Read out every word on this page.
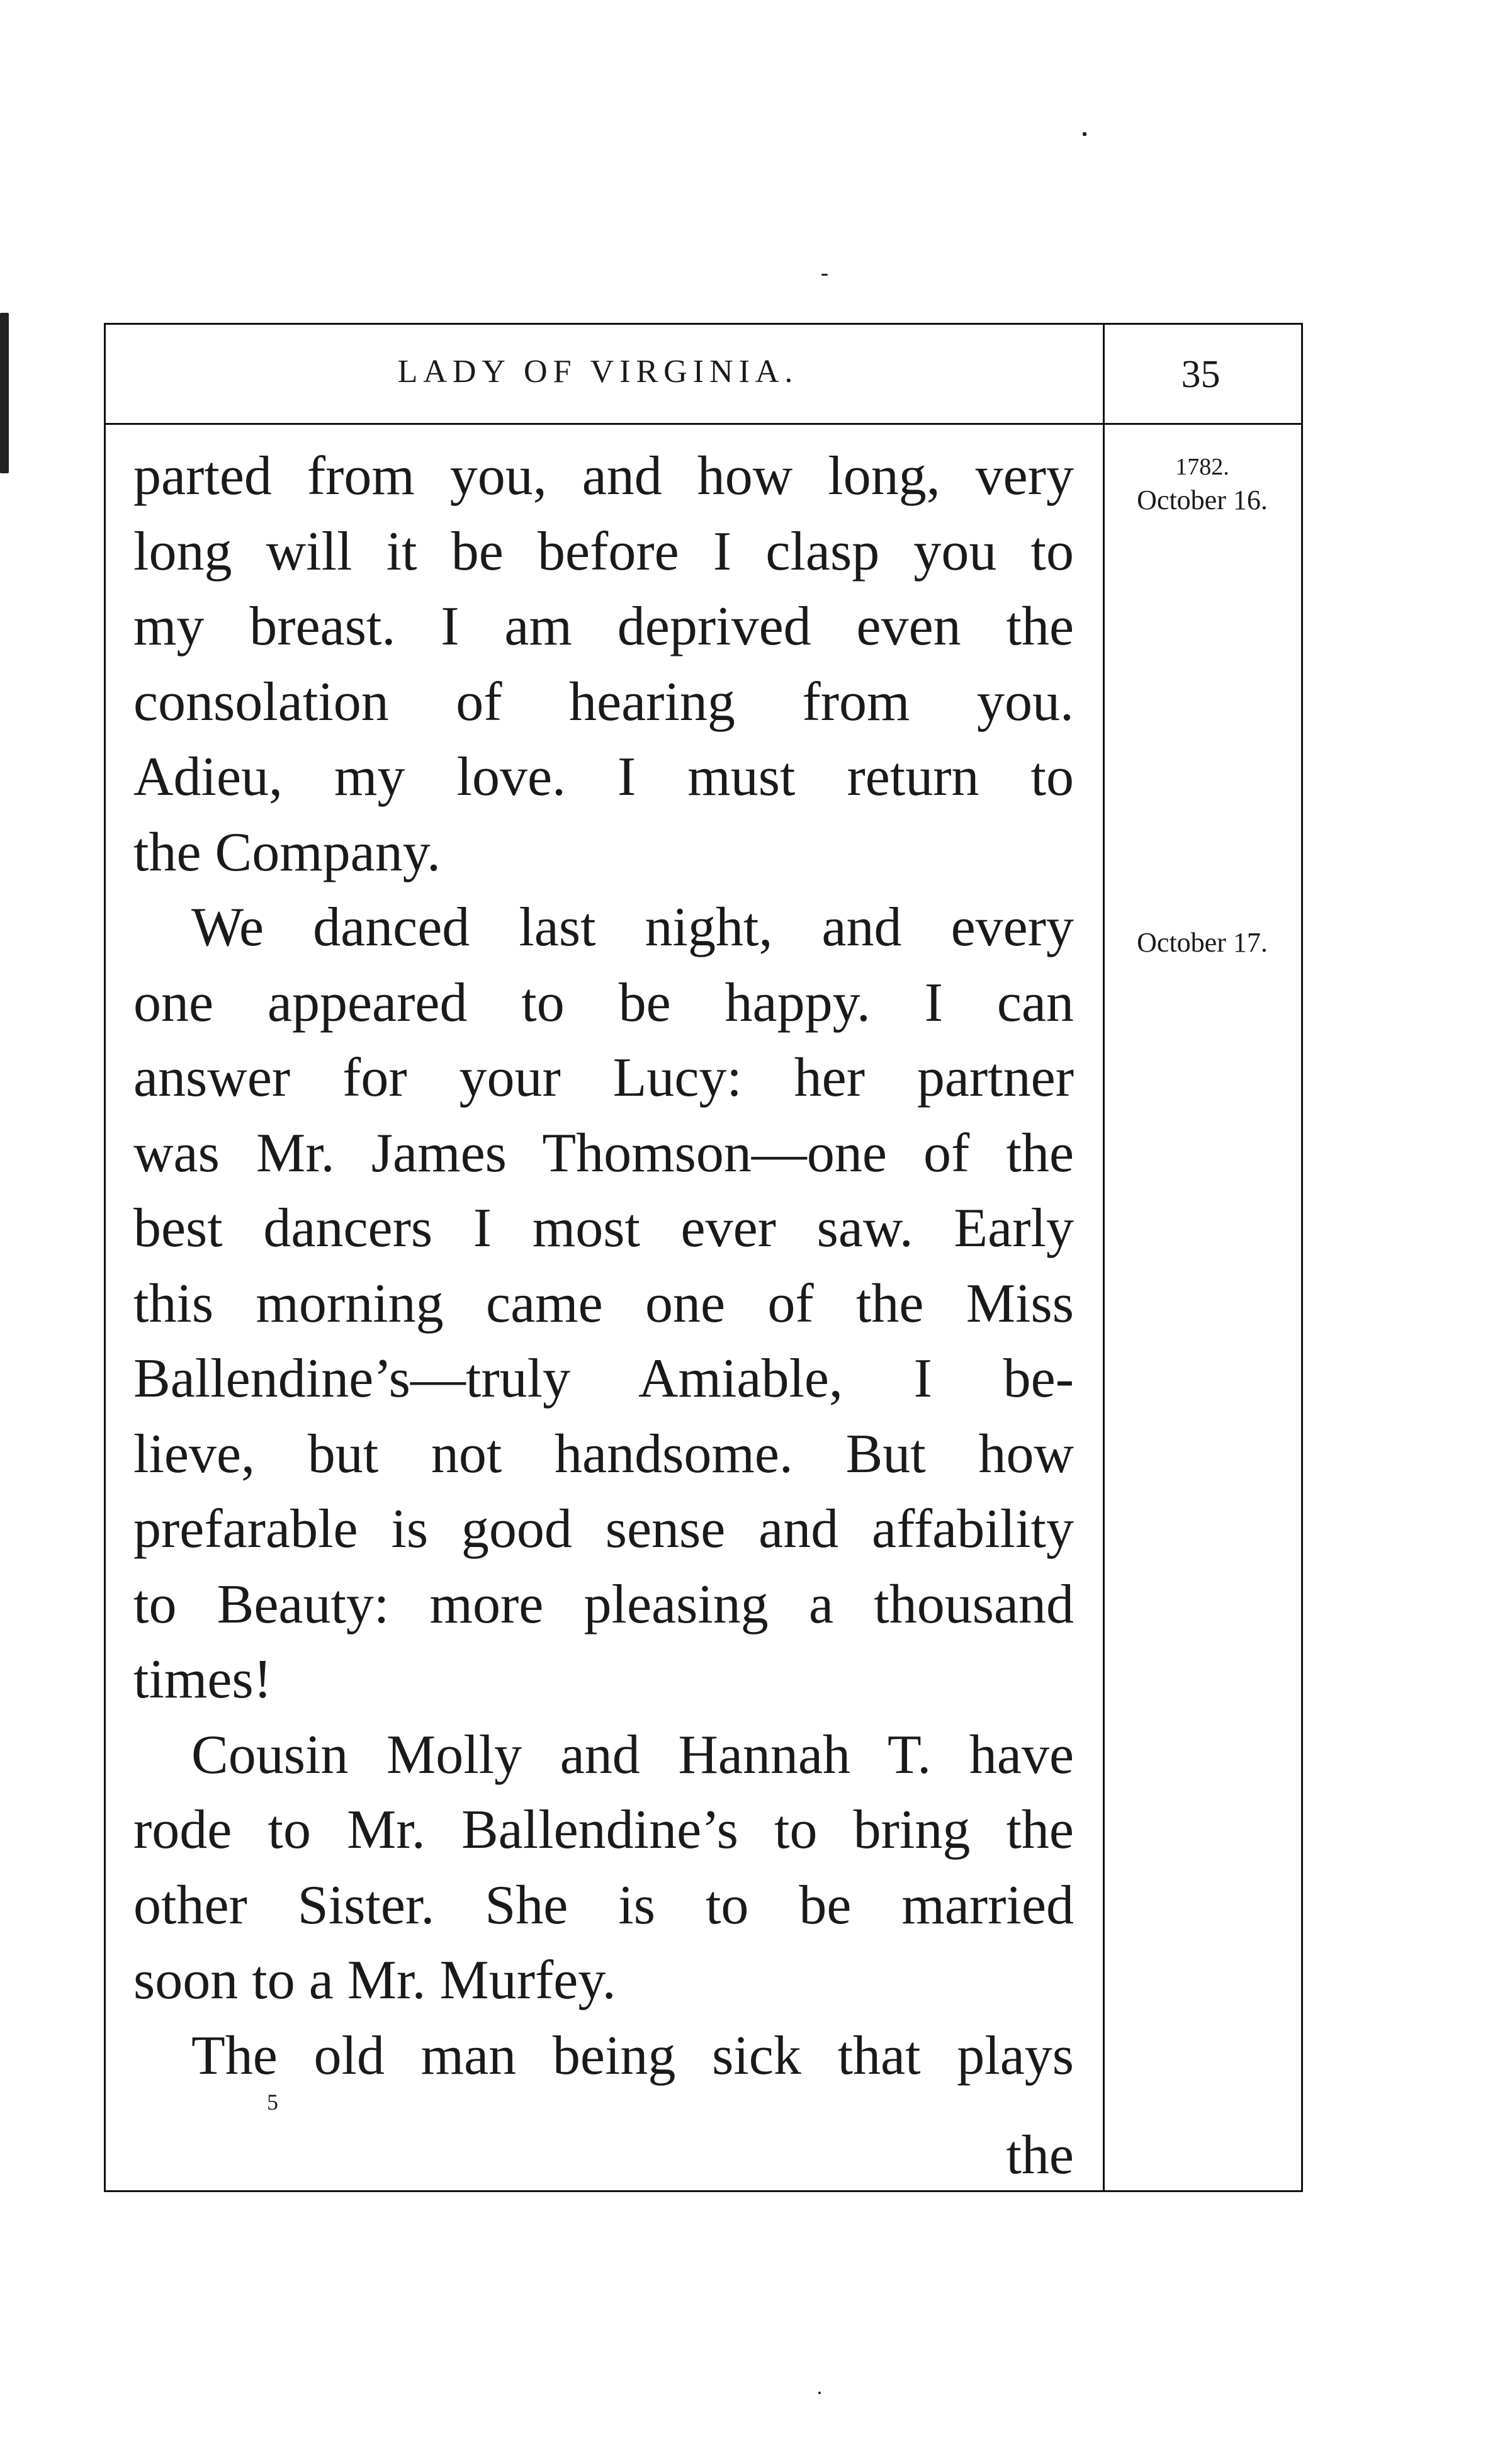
LADY OF VIRGINIA.	35
1782.
October 16.
October 17.
parted from you, and how long, very
long will it be before I clasp you to
my breast. I am deprived even the
consolation of hearing from you.
Adieu, my love. I must return to
the Company.
We danced last night, and every
one appeared to be happy. I can
answer for your Lucy: her partner
was Mr. James Thomson—one of the
best dancers I most ever saw. Early
this morning came one of the Miss
Ballendine’s—truly Amiable, I be-
lieve, but not handsome. But how
prefarable is good sense and affability
to Beauty: more pleasing a thousand
times!
Cousin Molly and Hannah T. have
rode to Mr. Ballendine’s to bring the
other Sister. She is to be married
soon to a Mr. Murfey.
The old man being sick that plays
5
the
